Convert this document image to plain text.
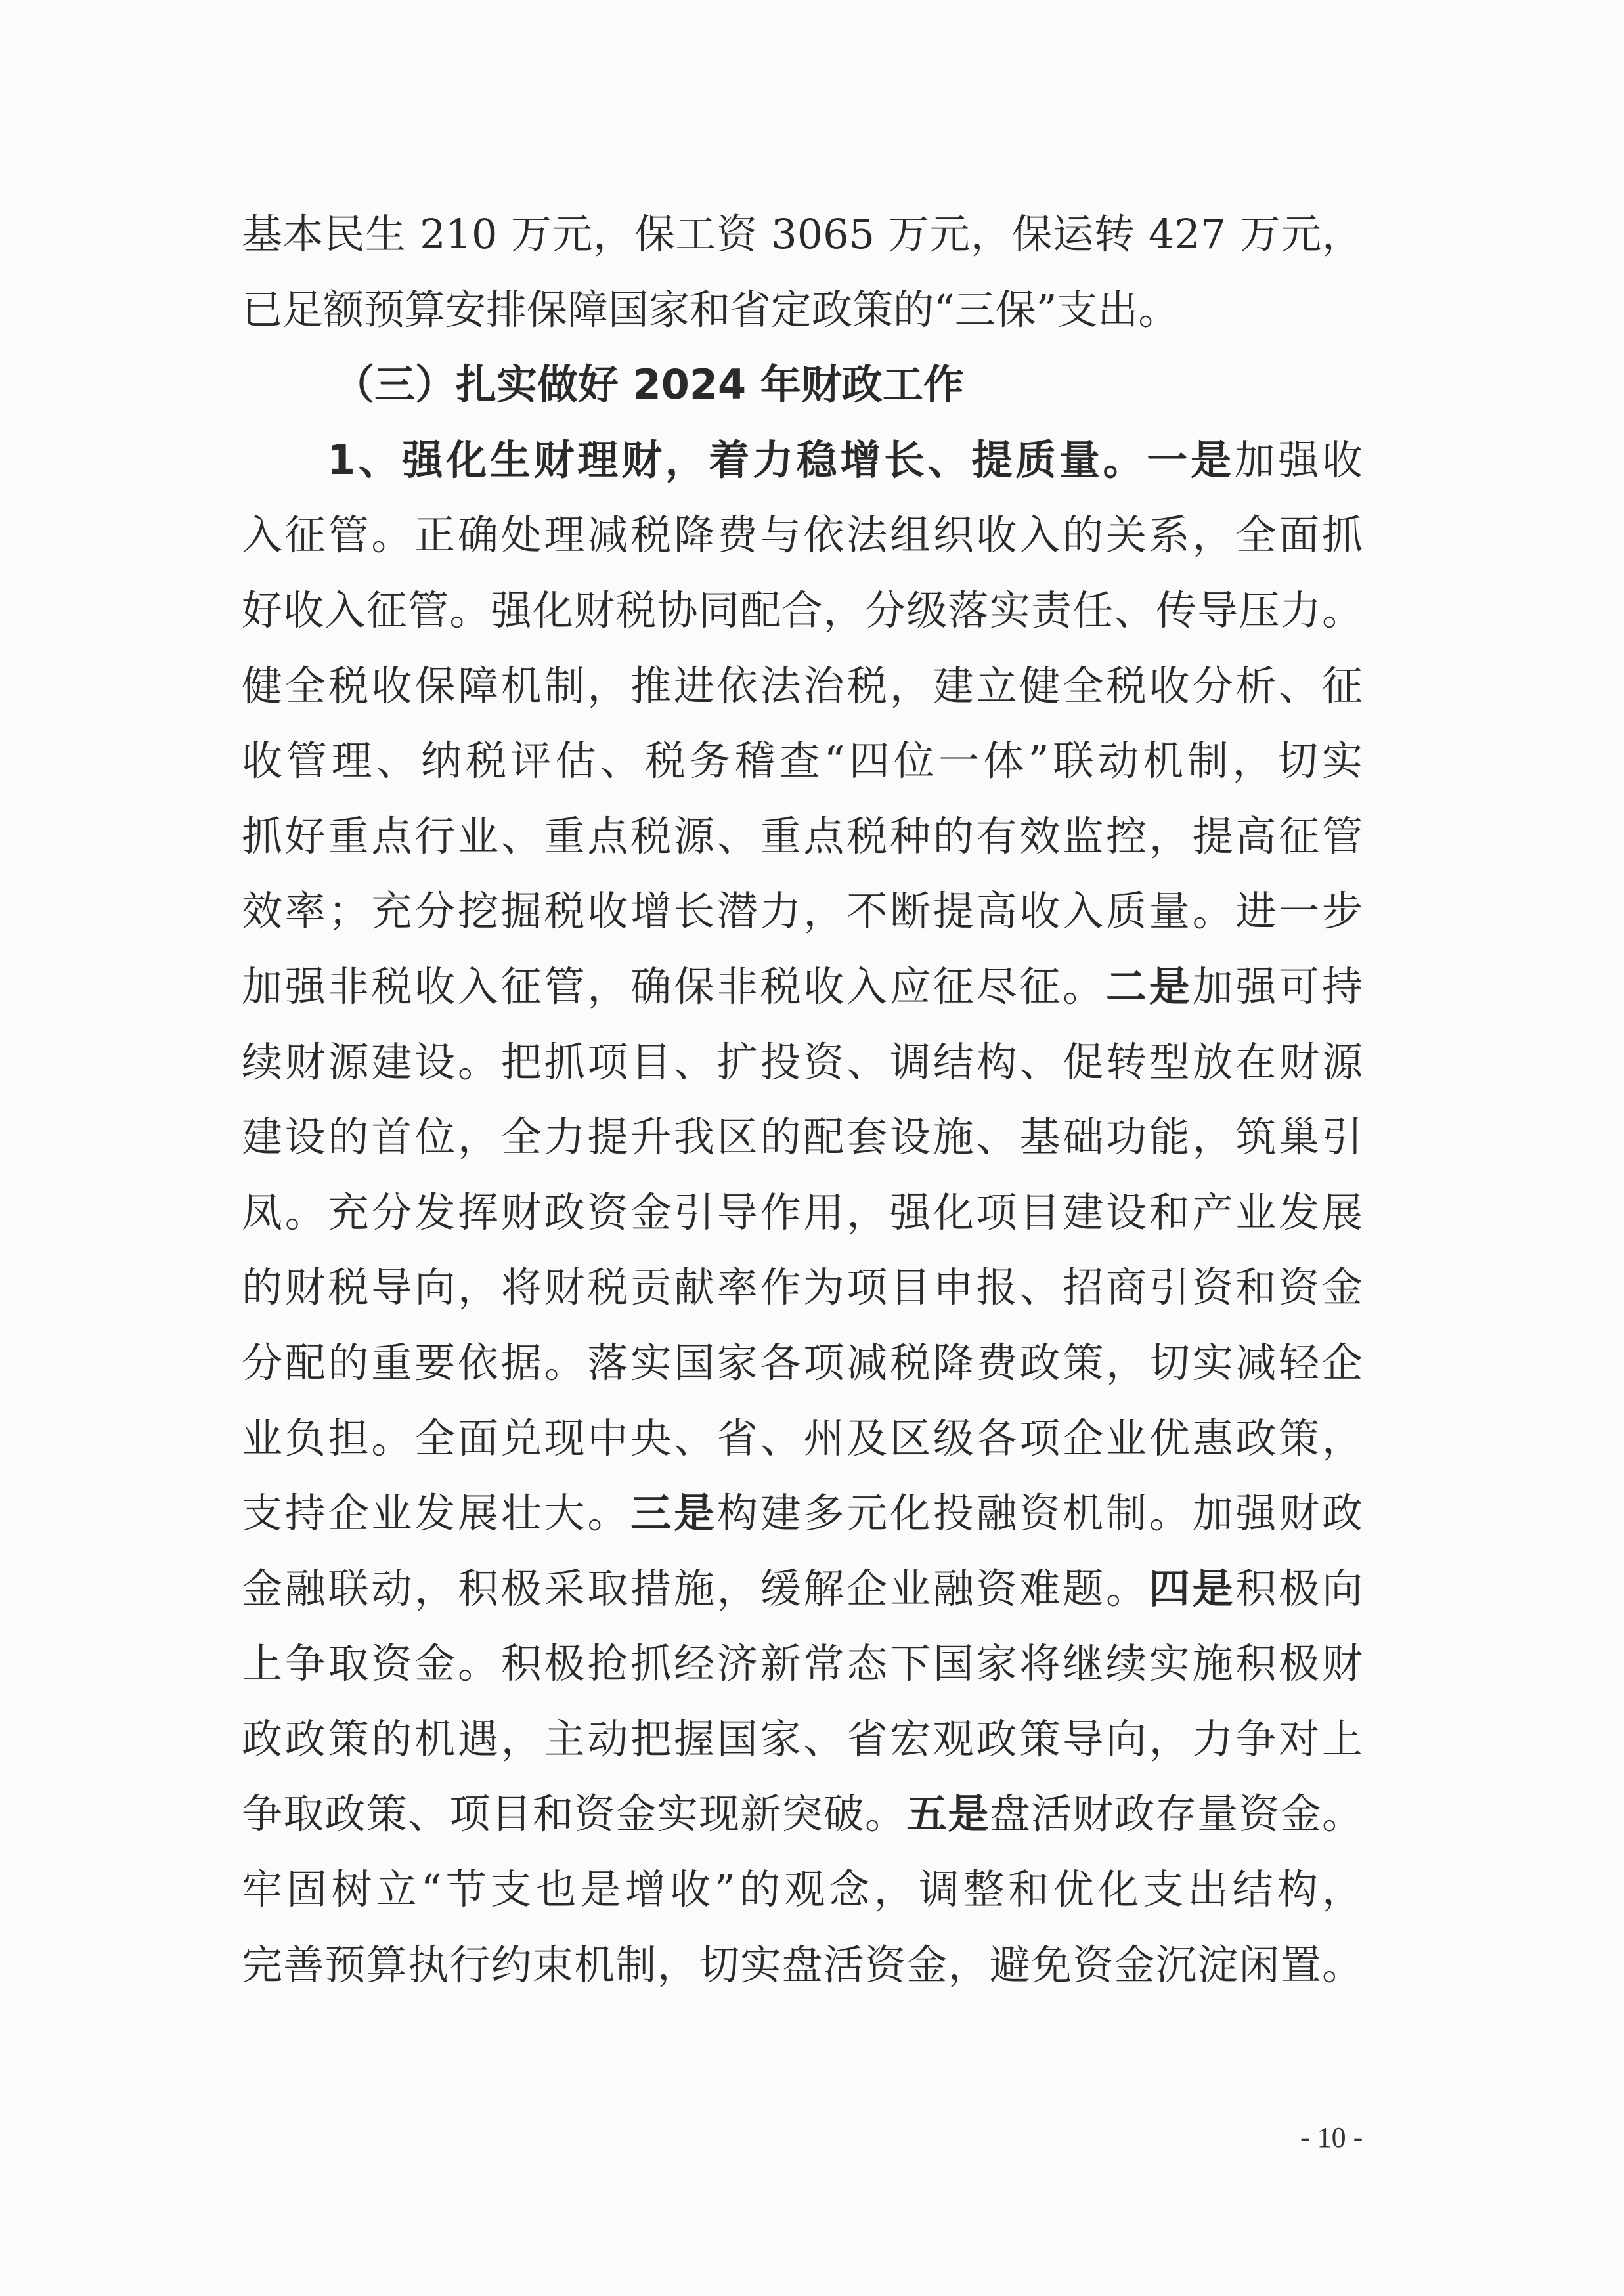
基本民生 210 万元，保工资 3065 万元，保运转 427 万元，
已足额预算安排保障国家和省定政策的“三保”支出。
（三）扎实做好 2024 年财政工作
1、强化生财理财，着力稳增长、提质量。一是加强收
入征管。正确处理减税降费与依法组织收入的关系，全面抓
好收入征管。强化财税协同配合，分级落实责任、传导压力。
健全税收保障机制，推进依法治税，建立健全税收分析、征
收管理、纳税评估、税务稽查“四位一体”联动机制，切实
抓好重点行业、重点税源、重点税种的有效监控，提高征管
效率；充分挖掘税收增长潜力，不断提高收入质量。进一步
加强非税收入征管，确保非税收入应征尽征。二是加强可持
续财源建设。把抓项目、扩投资、调结构、促转型放在财源
建设的首位，全力提升我区的配套设施、基础功能，筑巢引
凤。充分发挥财政资金引导作用，强化项目建设和产业发展
的财税导向，将财税贡献率作为项目申报、招商引资和资金
分配的重要依据。落实国家各项减税降费政策，切实减轻企
业负担。全面兑现中央、省、州及区级各项企业优惠政策，
支持企业发展壮大。三是构建多元化投融资机制。加强财政
金融联动，积极采取措施，缓解企业融资难题。四是积极向
上争取资金。积极抢抓经济新常态下国家将继续实施积极财
政政策的机遇，主动把握国家、省宏观政策导向，力争对上
争取政策、项目和资金实现新突破。五是盘活财政存量资金。
牢固树立“节支也是增收”的观念，调整和优化支出结构，
完善预算执行约束机制，切实盘活资金，避免资金沉淀闲置。
- 10 -
